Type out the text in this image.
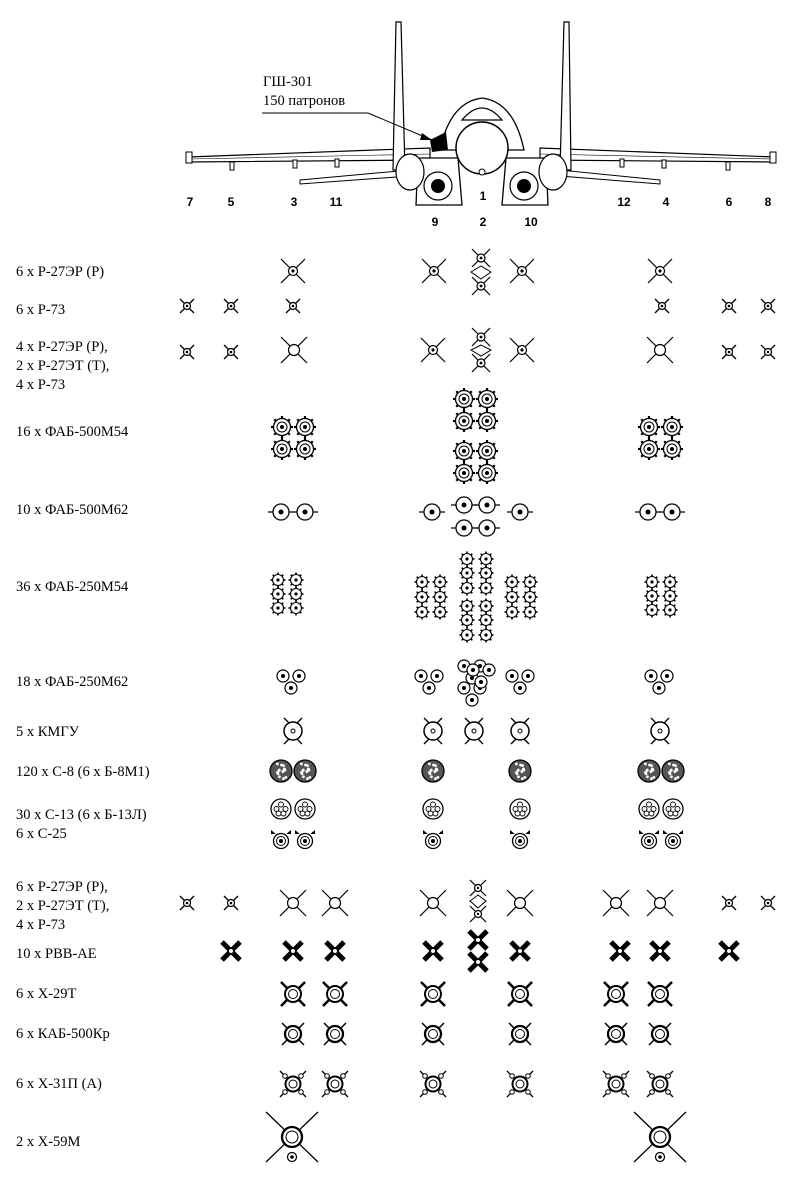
7	5	3	11
9
1
2	10
12	4	6	8
ГШ-301
150 патронов
6 x Р-27ЭР (Р)
6 x Р-73
4 x Р-27ЭР (Р),
2 x Р-27ЭТ (Т),
4 x Р-73
16 x ФАБ-500М54
10 x ФАБ-500М62
36 x ФАБ-250М54
18 x ФАБ-250М62
5 x КМГУ
120 x С-8 (6 x Б-8М1)
30 x С-13 (6 x Б-13Л)
6 x С-25
6 x Р-27ЭР (Р),
2 x Р-27ЭТ (Т),
4 x Р-73
10 x РВВ-АЕ
6 x Х-29Т
6 x КАБ-500Кр
6 x Х-31П (А)
2 x Х-59М
